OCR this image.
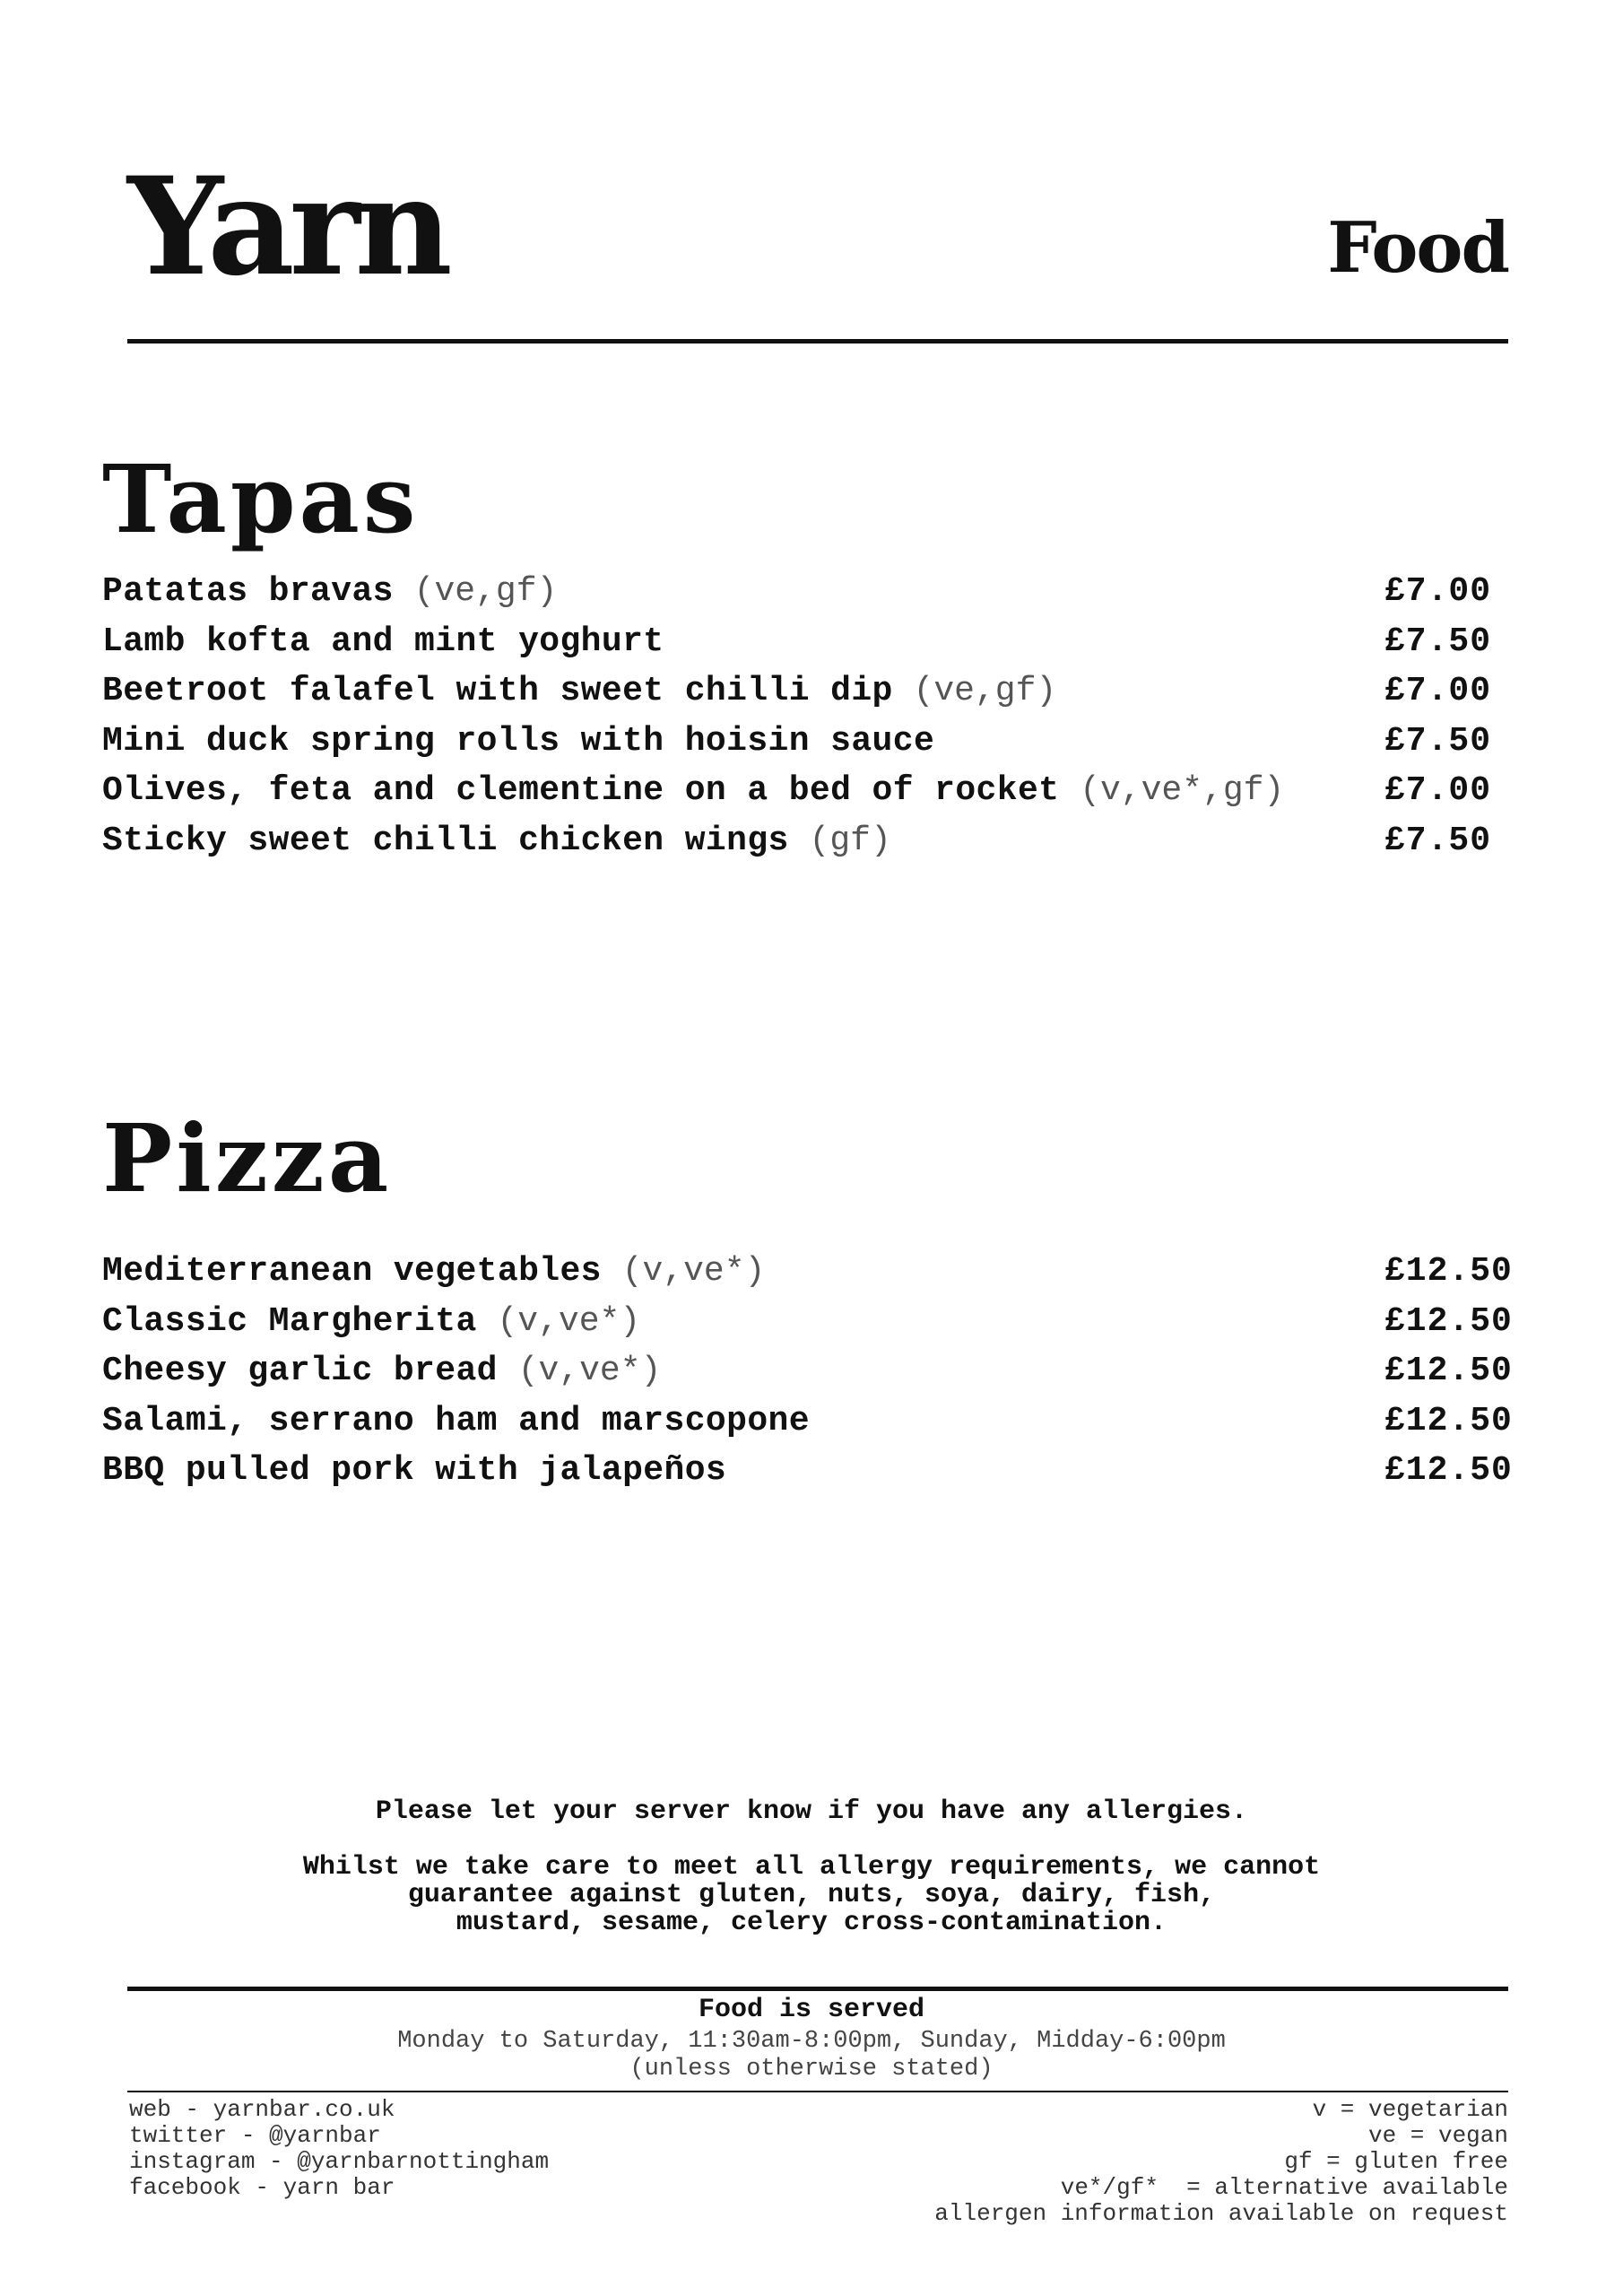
Yarn	Food
Tapas
Patatas bravas (ve,gf)	£7.00
Lamb kofta and mint yoghurt	£7.50
Beetroot falafel with sweet chilli dip (ve,gf)	£7.00
Mini duck spring rolls with hoisin sauce	£7.50
Olives, feta and clementine on a bed of rocket (v,ve*,gf)	£7.00
Sticky sweet chilli chicken wings (gf)	£7.50
Pizza
Mediterranean vegetables (v,ve*)	£12.50
Classic Margherita (v,ve*)	£12.50
Cheesy garlic bread (v,ve*)	£12.50
Salami, serrano ham and marscopone	£12.50
BBQ pulled pork with jalapeños	£12.50
Please let your server know if you have any allergies.
Whilst we take care to meet all allergy requirements, we cannot
guarantee against gluten, nuts, soya, dairy, fish,
mustard, sesame, celery cross-contamination.
Food is served
Monday to Saturday, 11:30am-8:00pm, Sunday, Midday-6:00pm
(unless otherwise stated)
web - yarnbar.co.uk
twitter - @yarnbar
instagram - @yarnbarnottingham
facebook - yarn bar
v = vegetarian
ve = vegan
gf = gluten free
ve*/gf*  = alternative available
allergen information available on request
